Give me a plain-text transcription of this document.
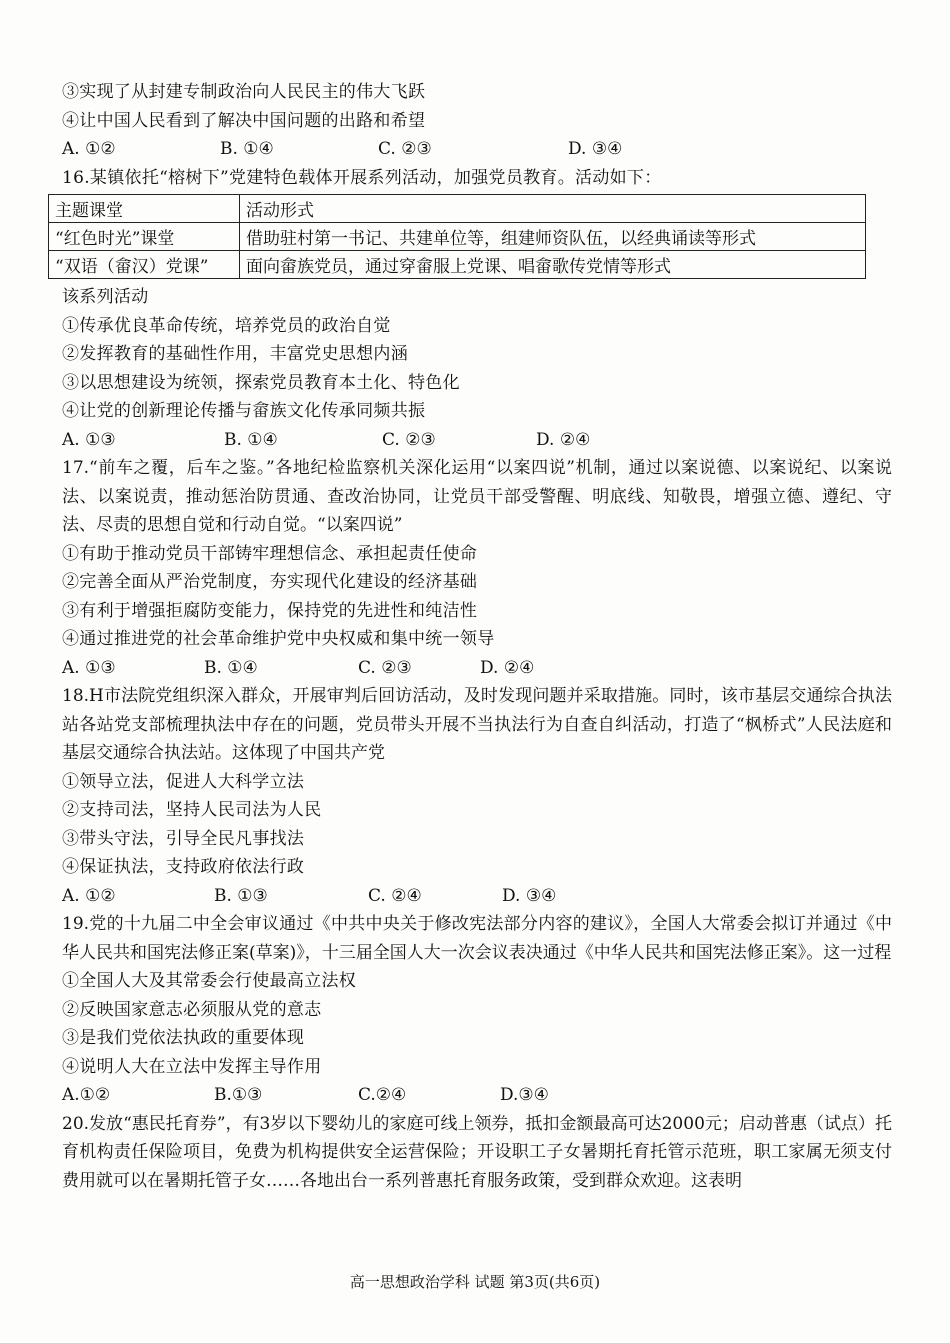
③实现了从封建专制政治向人民民主的伟大飞跃
④让中国人民看到了解决中国问题的出路和希望
A. ①②	B. ①④	C. ②③	D. ③④
16.某镇依托“榕树下”党建特色载体开展系列活动，加强党员教育。活动如下：
主题课堂	活动形式
“红色时光”课堂	借助驻村第一书记、共建单位等，组建师资队伍，以经典诵读等形式
“双语（畲汉）党课”	面向畲族党员，通过穿畲服上党课、唱畲歌传党情等形式
该系列活动
①传承优良革命传统，培养党员的政治自觉
②发挥教育的基础性作用，丰富党史思想内涵
③以思想建设为统领，探索党员教育本土化、特色化
④让党的创新理论传播与畲族文化传承同频共振
A. ①③	B. ①④	C. ②③	D. ②④
17.“前车之覆，后车之鉴。”各地纪检监察机关深化运用“以案四说”机制，通过以案说德、以案说纪、以案说法、以案说责，推动惩治防贯通、查改治协同，让党员干部受警醒、明底线、知敬畏，增强立德、遵纪、守法、尽责的思想自觉和行动自觉。“以案四说”
①有助于推动党员干部铸牢理想信念、承担起责任使命
②完善全面从严治党制度，夯实现代化建设的经济基础
③有利于增强拒腐防变能力，保持党的先进性和纯洁性
④通过推进党的社会革命维护党中央权威和集中统一领导
A. ①③	B. ①④	C. ②③	D. ②④
18.H市法院党组织深入群众，开展审判后回访活动，及时发现问题并采取措施。同时，该市基层交通综合执法站各站党支部梳理执法中存在的问题，党员带头开展不当执法行为自查自纠活动，打造了“枫桥式”人民法庭和基层交通综合执法站。这体现了中国共产党
①领导立法，促进人大科学立法
②支持司法，坚持人民司法为人民
③带头守法，引导全民凡事找法
④保证执法，支持政府依法行政
A. ①②	B. ①③	C. ②④	D. ③④
19.党的十九届二中全会审议通过《中共中央关于修改宪法部分内容的建议》，全国人大常委会拟订并通过《中华人民共和国宪法修正案(草案)》，十三届全国人大一次会议表决通过《中华人民共和国宪法修正案》。这一过程
①全国人大及其常委会行使最高立法权
②反映国家意志必须服从党的意志
③是我们党依法执政的重要体现
④说明人大在立法中发挥主导作用
A.①②	B.①③	C.②④	D.③④
20.发放“惠民托育券”，有3岁以下婴幼儿的家庭可线上领券，抵扣金额最高可达2000元；启动普惠（试点）托育机构责任保险项目，免费为机构提供安全运营保险；开设职工子女暑期托育托管示范班，职工家属无须支付费用就可以在暑期托管子女……各地出台一系列普惠托育服务政策，受到群众欢迎。这表明
高一思想政治学科 试题 第3页(共6页)
